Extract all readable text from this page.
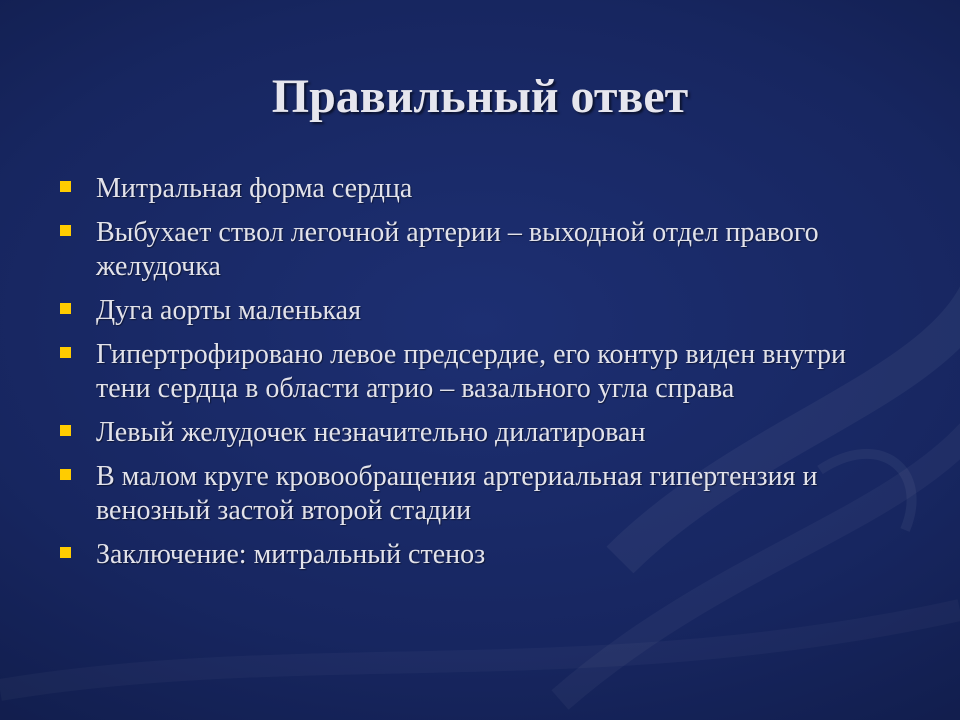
Правильный ответ
Митральная форма сердца
Выбухает ствол легочной артерии – выходной отдел правого желудочка
Дуга аорты маленькая
Гипертрофировано левое предсердие, его контур виден внутри тени сердца в области атрио – вазального угла справа
Левый желудочек незначительно дилатирован
В малом круге кровообращения артериальная гипертензия и венозный застой второй стадии
Заключение: митральный стеноз
